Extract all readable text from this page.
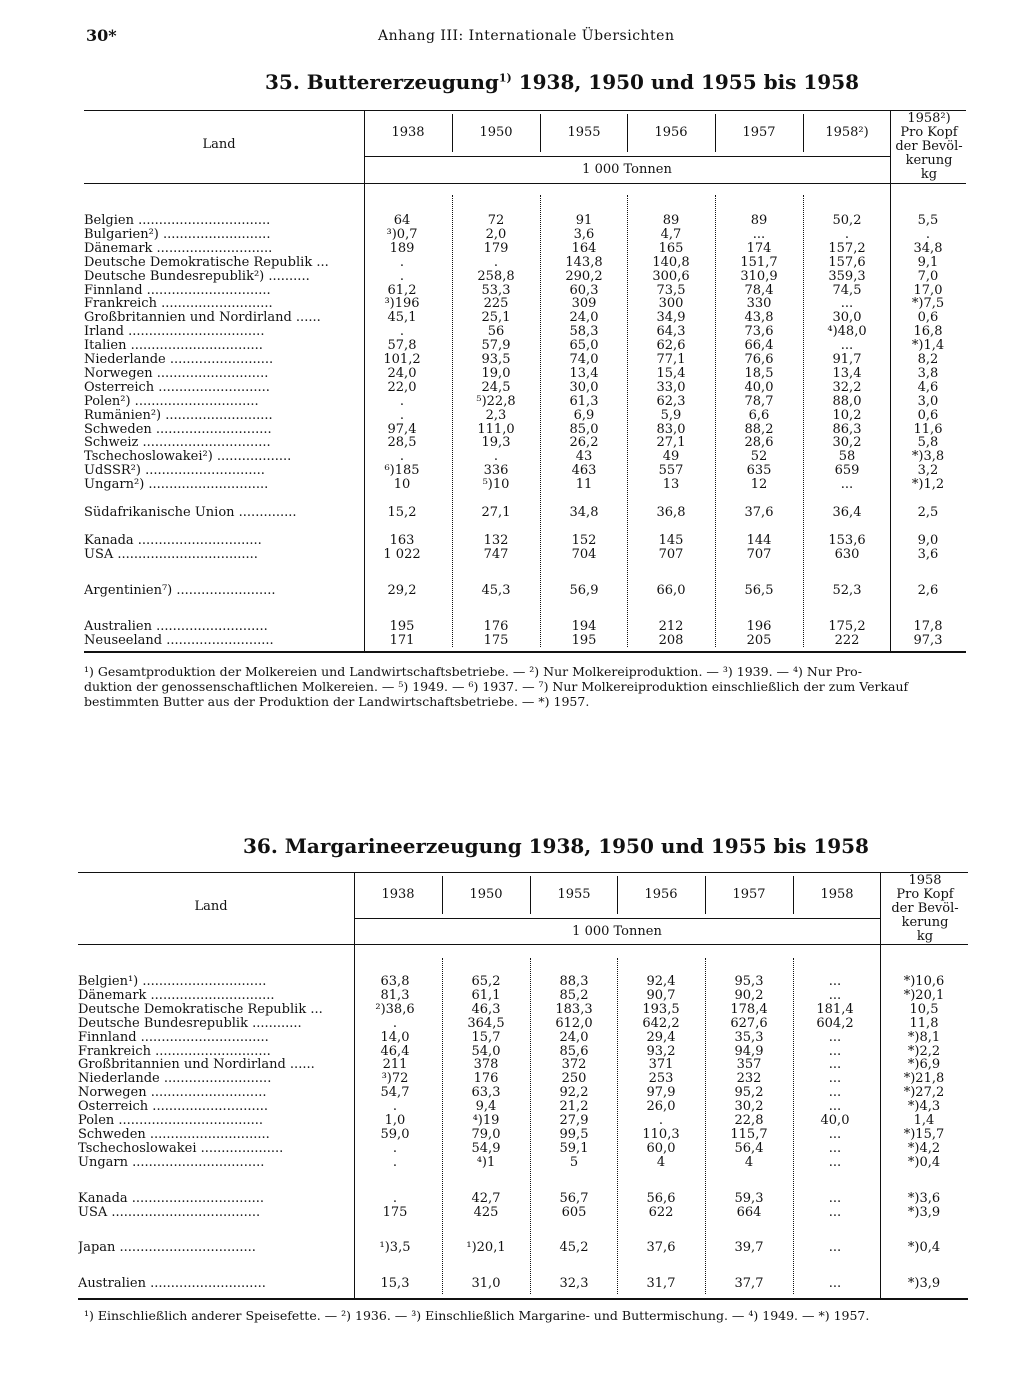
30*	Anhang III: Internationale Übersichten
35. Buttererzeugung$^{1)}$ 1938, 1950 und 1955 bis 1958
Land
1938	1950	1955	1956	1957	1958²)
1 000 Tonnen
1958²)
Pro Kopf
der Bevöl-
kerung
kg
Belgien ................................	64	72	91	89	89	50,2	5,5
Bulgarien²) ..........................	³)0,7	2,0	3,6	4,7	...	.	.
Dänemark ............................	189	179	164	165	174	157,2	34,8
Deutsche Demokratische Republik ...	.	.	143,8	140,8	151,7	157,6	9,1
Deutsche Bundesrepublik²) ..........	.	258,8	290,2	300,6	310,9	359,3	7,0
Finnland ..............................	61,2	53,3	60,3	73,5	78,4	74,5	17,0
Frankreich ...........................	³)196	225	309	300	330	...	*)7,5
Großbritannien und Nordirland ......	45,1	25,1	24,0	34,9	43,8	30,0	0,6
Irland .................................	.	56	58,3	64,3	73,6	⁴)48,0	16,8
Italien ................................	57,8	57,9	65,0	62,6	66,4	...	*)1,4
Niederlande .........................	101,2	93,5	74,0	77,1	76,6	91,7	8,2
Norwegen ...........................	24,0	19,0	13,4	15,4	18,5	13,4	3,8
Österreich ...........................	22,0	24,5	30,0	33,0	40,0	32,2	4,6
Polen²) ..............................	.	⁵)22,8	61,3	62,3	78,7	88,0	3,0
Rumänien²) ..........................	.	2,3	6,9	5,9	6,6	10,2	0,6
Schweden ............................	97,4	111,0	85,0	83,0	88,2	86,3	11,6
Schweiz ...............................	28,5	19,3	26,2	27,1	28,6	30,2	5,8
Tschechoslowakei²) ..................	.	.	43	49	52	58	*)3,8
UdSSR²) .............................	⁶)185	336	463	557	635	659	3,2
Ungarn²) .............................	10	⁵)10	11	13	12	...	*)1,2
Südafrikanische Union ..............	15,2	27,1	34,8	36,8	37,6	36,4	2,5
Kanada ..............................	163	132	152	145	144	153,6	9,0
USA ..................................	1 022	747	704	707	707	630	3,6
Argentinien⁷) ........................	29,2	45,3	56,9	66,0	56,5	52,3	2,6
Australien ...........................	195	176	194	212	196	175,2	17,8
Neuseeland ..........................	171	175	195	208	205	222	97,3
¹) Gesamtproduktion der Molkereien und Landwirtschaftsbetriebe. — ²) Nur Molkereiproduktion. — ³) 1939. — ⁴) Nur Pro-
duktion der genossenschaftlichen Molkereien. — ⁵) 1949. — ⁶) 1937. — ⁷) Nur Molkereiproduktion einschließlich der zum Verkauf
bestimmten Butter aus der Produktion der Landwirtschaftsbetriebe. — *) 1957.
36. Margarineerzeugung 1938, 1950 und 1955 bis 1958
Land
1938	1950	1955	1956	1957	1958
1 000 Tonnen
1958
Pro Kopf
der Bevöl-
kerung
kg
Belgien¹) ..............................	63,8	65,2	88,3	92,4	95,3	...	*)10,6
Dänemark ..............................	81,3	61,1	85,2	90,7	90,2	...	*)20,1
Deutsche Demokratische Republik ...	²)38,6	46,3	183,3	193,5	178,4	181,4	10,5
Deutsche Bundesrepublik ............	.	364,5	612,0	642,2	627,6	604,2	11,8
Finnland ...............................	14,0	15,7	24,0	29,4	35,3	...	*)8,1
Frankreich ............................	46,4	54,0	85,6	93,2	94,9	...	*)2,2
Großbritannien und Nordirland ......	211	378	372	371	357	...	*)6,9
Niederlande ..........................	³)72	176	250	253	232	...	*)21,8
Norwegen ............................	54,7	63,3	92,2	97,9	95,2	...	*)27,2
Österreich ............................	.	9,4	21,2	26,0	30,2	...	*)4,3
Polen ...................................	1,0	⁴)19	27,9	.	22,8	40,0	1,4
Schweden .............................	59,0	79,0	99,5	110,3	115,7	...	*)15,7
Tschechoslowakei ....................	.	54,9	59,1	60,0	56,4	...	*)4,2
Ungarn ................................	.	⁴)1	5	4	4	...	*)0,4
Kanada ................................	.	42,7	56,7	56,6	59,3	...	*)3,6
USA ....................................	175	425	605	622	664	...	*)3,9
Japan .................................	¹)3,5	¹)20,1	45,2	37,6	39,7	...	*)0,4
Australien ............................	15,3	31,0	32,3	31,7	37,7	...	*)3,9
¹) Einschließlich anderer Speisefette. — ²) 1936. — ³) Einschließlich Margarine- und Buttermischung. — ⁴) 1949. — *) 1957.
